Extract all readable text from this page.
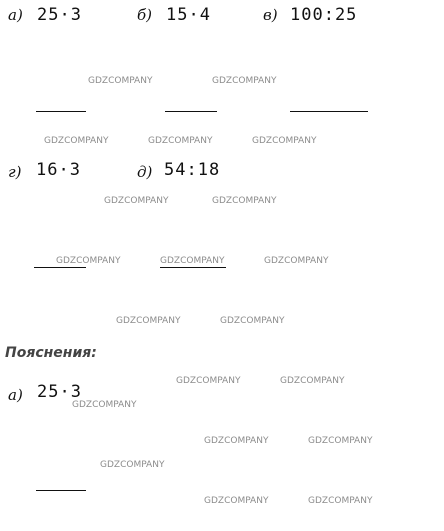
а) 25·3	б) 15·4	в) 100:25
г) 16·3	д) 54:18
Пояснения:
а) 25·3
GDZCOMPANY	GDZCOMPANY
GDZCOMPANY	GDZCOMPANY	GDZCOMPANY
GDZCOMPANY	GDZCOMPANY
GDZCOMPANY	GDZCOMPANY	GDZCOMPANY
GDZCOMPANY	GDZCOMPANY
GDZCOMPANY	GDZCOMPANY
GDZCOMPANY
GDZCOMPANY	GDZCOMPANY
GDZCOMPANY
GDZCOMPANY	GDZCOMPANY
